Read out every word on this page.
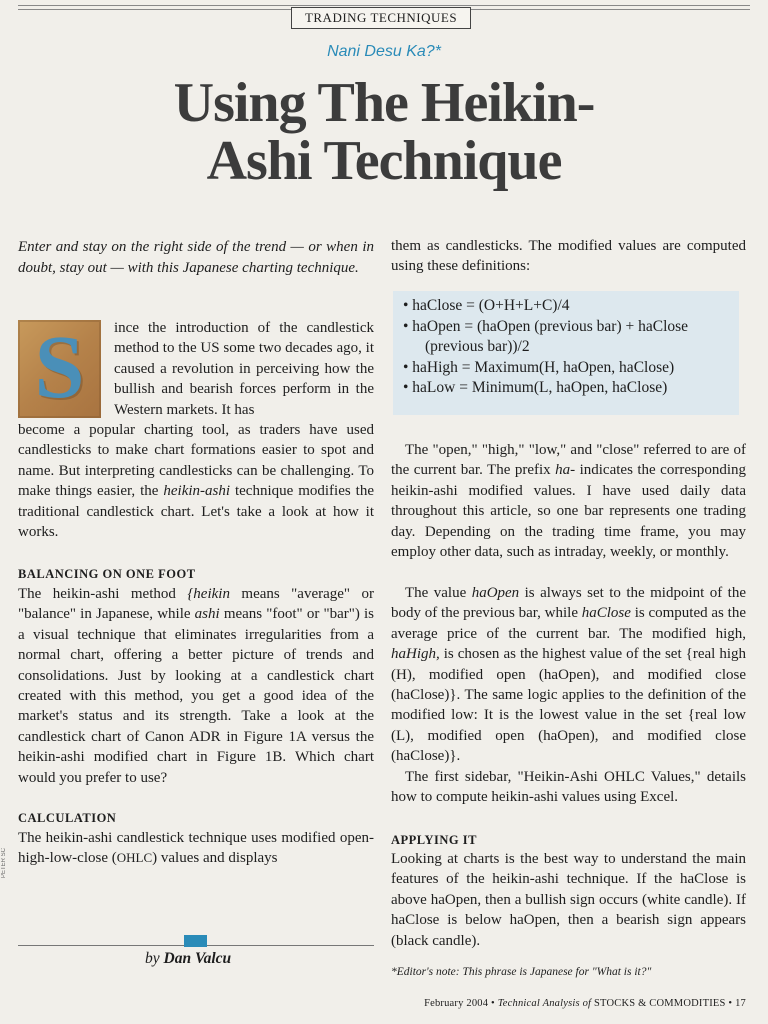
TRADING TECHNIQUES
Nani Desu Ka?*
Using The Heikin-
Ashi Technique
Enter and stay on the right side of the trend — or when in doubt, stay out — with this Japanese charting technique.
S	ince the introduction of the candlestick method to the US some two decades ago, it caused a revolution in perceiving how the bullish and bearish forces perform in the Western markets. It has

become a popular charting tool, as traders have used candlesticks to make chart formations easier to spot and name. But interpreting candlesticks can be challenging. To make things easier, the heikin-ashi technique modifies the traditional candlestick chart. Let's take a look at how it works.

BALANCING ON ONE FOOT

The heikin-ashi method {heikin means "average" or "balance" in Japanese, while ashi means "foot" or "bar") is a visual technique that eliminates irregularities from a normal chart, offering a better picture of trends and consolidations. Just by looking at a candlestick chart created with this method, you get a good idea of the market's status and its strength. Take a look at the candlestick chart of Canon ADR in Figure 1A versus the heikin-ashi modified chart in Figure 1B. Which chart would you prefer to use?

CALCULATION

The heikin-ashi candlestick technique uses modified open-high-low-close (OHLC) values and displays

PETER SC
by Dan Valcu

them as candlesticks. The modified values are computed using these definitions:

• haClose = (O+H+L+C)/4
• haOpen = (haOpen (previous bar) + haClose (previous bar))/2
• haHigh = Maximum(H, haOpen, haClose)
• haLow = Minimum(L, haOpen, haClose)

The "open," "high," "low," and "close" referred to are of the current bar. The prefix ha- indicates the corresponding heikin-ashi modified values. I have used daily data throughout this article, so one bar represents one trading day. Depending on the trading time frame, you may employ other data, such as intraday, weekly, or monthly.

The value haOpen is always set to the midpoint of the body of the previous bar, while haClose is computed as the average price of the current bar. The modified high, haHigh, is chosen as the highest value of the set {real high (H), modified open (haOpen), and modified close (haClose)}. The same logic applies to the definition of the modified low: It is the lowest value in the set {real low (L), modified open (haOpen), and modified close (haClose)}.

The first sidebar, "Heikin-Ashi OHLC Values," details how to compute heikin-ashi values using Excel.

APPLYING IT

Looking at charts is the best way to understand the main features of the heikin-ashi technique. If the haClose is above haOpen, then a bullish sign occurs (white candle). If haClose is below haOpen, then a bearish sign appears (black candle).

*Editor's note: This phrase is Japanese for "What is it?"
February 2004 • Technical Analysis of STOCKS & COMMODITIES • 17
